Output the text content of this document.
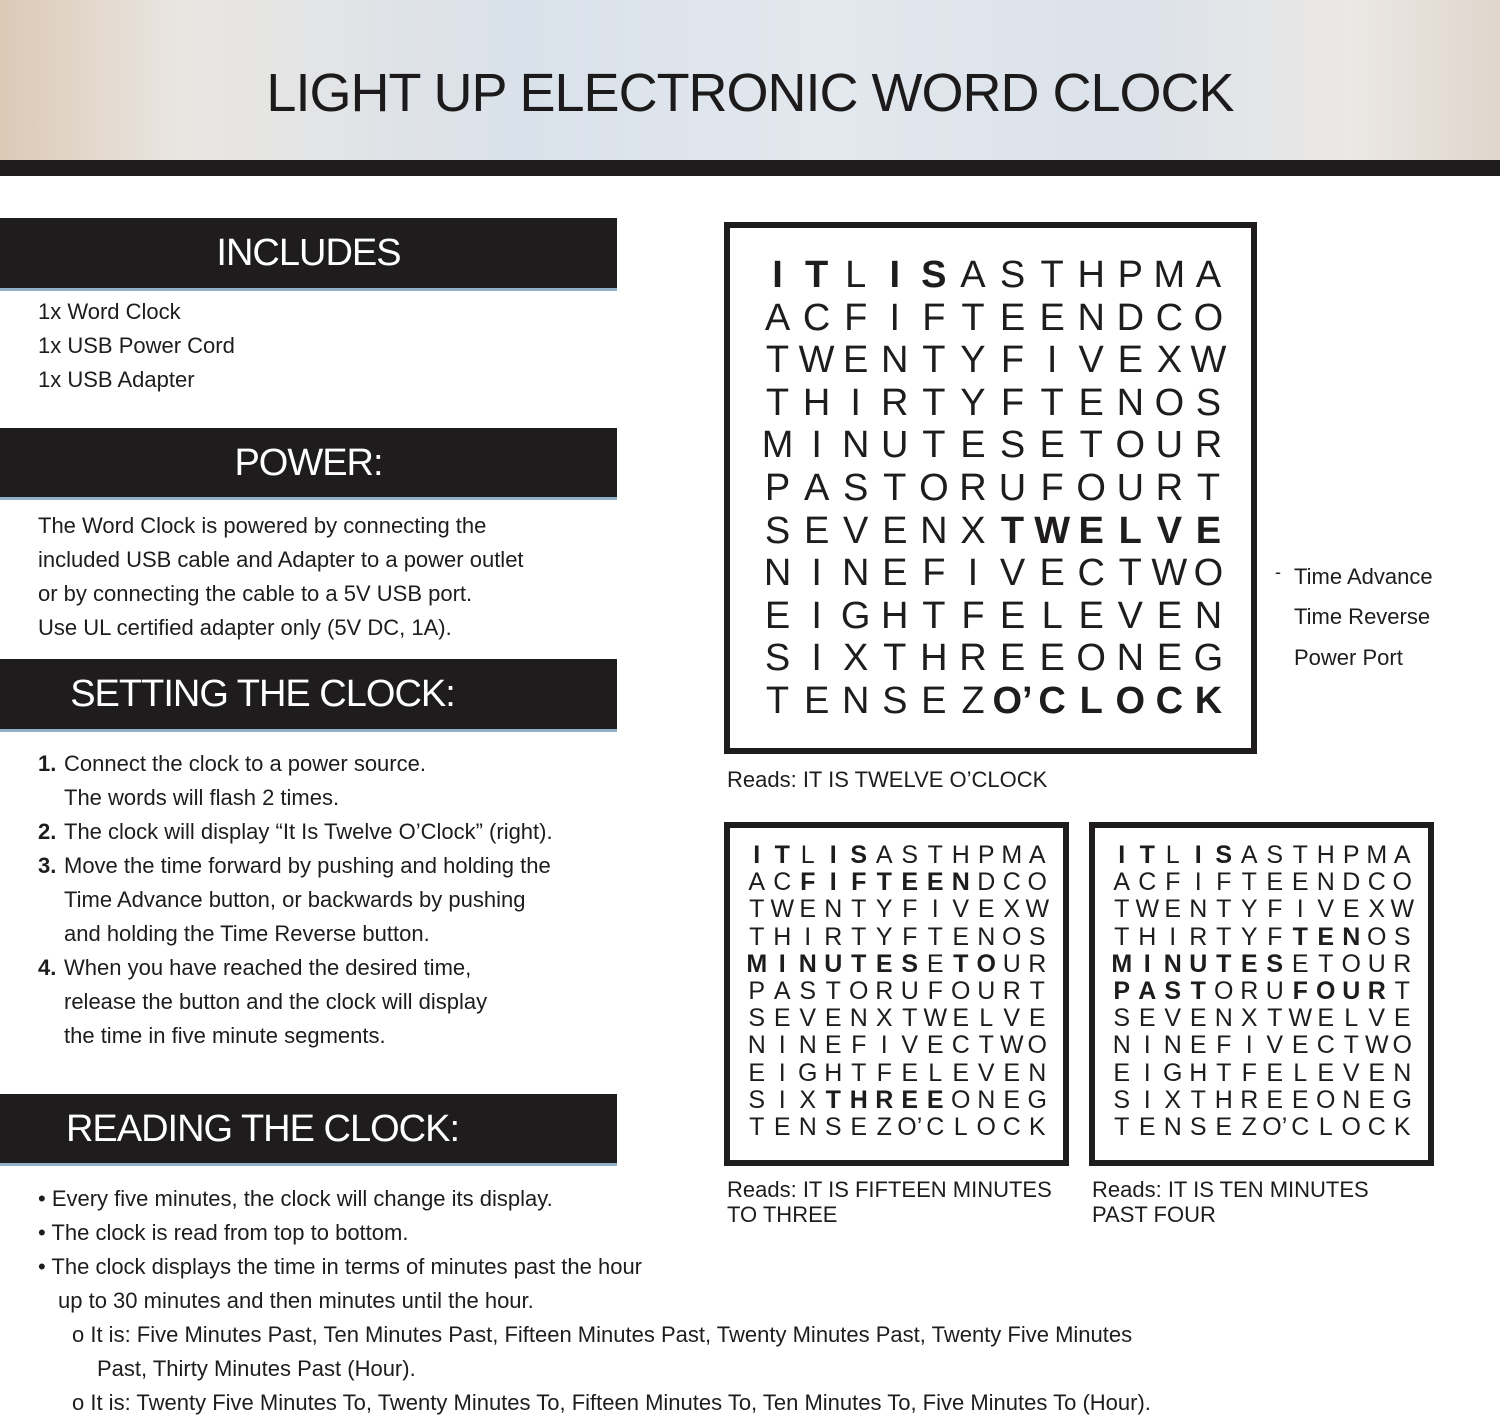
LIGHT UP ELECTRONIC WORD CLOCK
INCLUDES
1x Word Clock
1x USB Power Cord
1x USB Adapter
POWER:
The Word Clock is powered by connecting the
included USB cable and Adapter to a power outlet
or by connecting the cable to a 5V USB port.
Use UL certified adapter only (5V DC, 1A).
SETTING THE CLOCK:
1. Connect the clock to a power source.
The words will flash 2 times.
2. The clock will display “It Is Twelve O’Clock” (right).
3. Move the time forward by pushing and holding the
Time Advance button, or backwards by pushing
and holding the Time Reverse button.
4. When you have reached the desired time,
release the button and the clock will display
the time in five minute segments.
READING THE CLOCK:
• Every five minutes, the clock will change its display.
• The clock is read from top to bottom.
• The clock displays the time in terms of minutes past the hour
up to 30 minutes and then minutes until the hour.
o It is: Five Minutes Past, Ten Minutes Past, Fifteen Minutes Past, Twenty Minutes Past, Twenty Five Minutes
Past, Thirty Minutes Past (Hour).
o It is: Twenty Five Minutes To, Twenty Minutes To, Fifteen Minutes To, Ten Minutes To, Five Minutes To (Hour).
I T L I S A S T H P M A
A C F I F T E E N D C O
T W E N T Y F I V E X W
T H I R T Y F T E N O S
M I N U T E S E T O U R
P A S T O R U F O U R T
S E V E N X T W E L V E
N I N E F I V E C T W O
E I G H T F E L E V E N
S I X T H R E E O N E G
T E N S E Z O’ C L O C K
Reads: IT IS TWELVE O’CLOCK
- Time Advance
Time Reverse
Power Port
I T L I S A S T H P M A
A C F I F T E E N D C O
T W E N T Y F I V E X W
T H I R T Y F T E N O S
M I N U T E S E T O U R
P A S T O R U F O U R T
S E V E N X T W E L V E
N I N E F I V E C T W O
E I G H T F E L E V E N
S I X T H R E E O N E G
T E N S E Z O’ C L O C K
Reads: IT IS FIFTEEN MINUTES
TO THREE
I T L I S A S T H P M A
A C F I F T E E N D C O
T W E N T Y F I V E X W
T H I R T Y F T E N O S
M I N U T E S E T O U R
P A S T O R U F O U R T
S E V E N X T W E L V E
N I N E F I V E C T W O
E I G H T F E L E V E N
S I X T H R E E O N E G
T E N S E Z O’ C L O C K
Reads: IT IS TEN MINUTES
PAST FOUR
